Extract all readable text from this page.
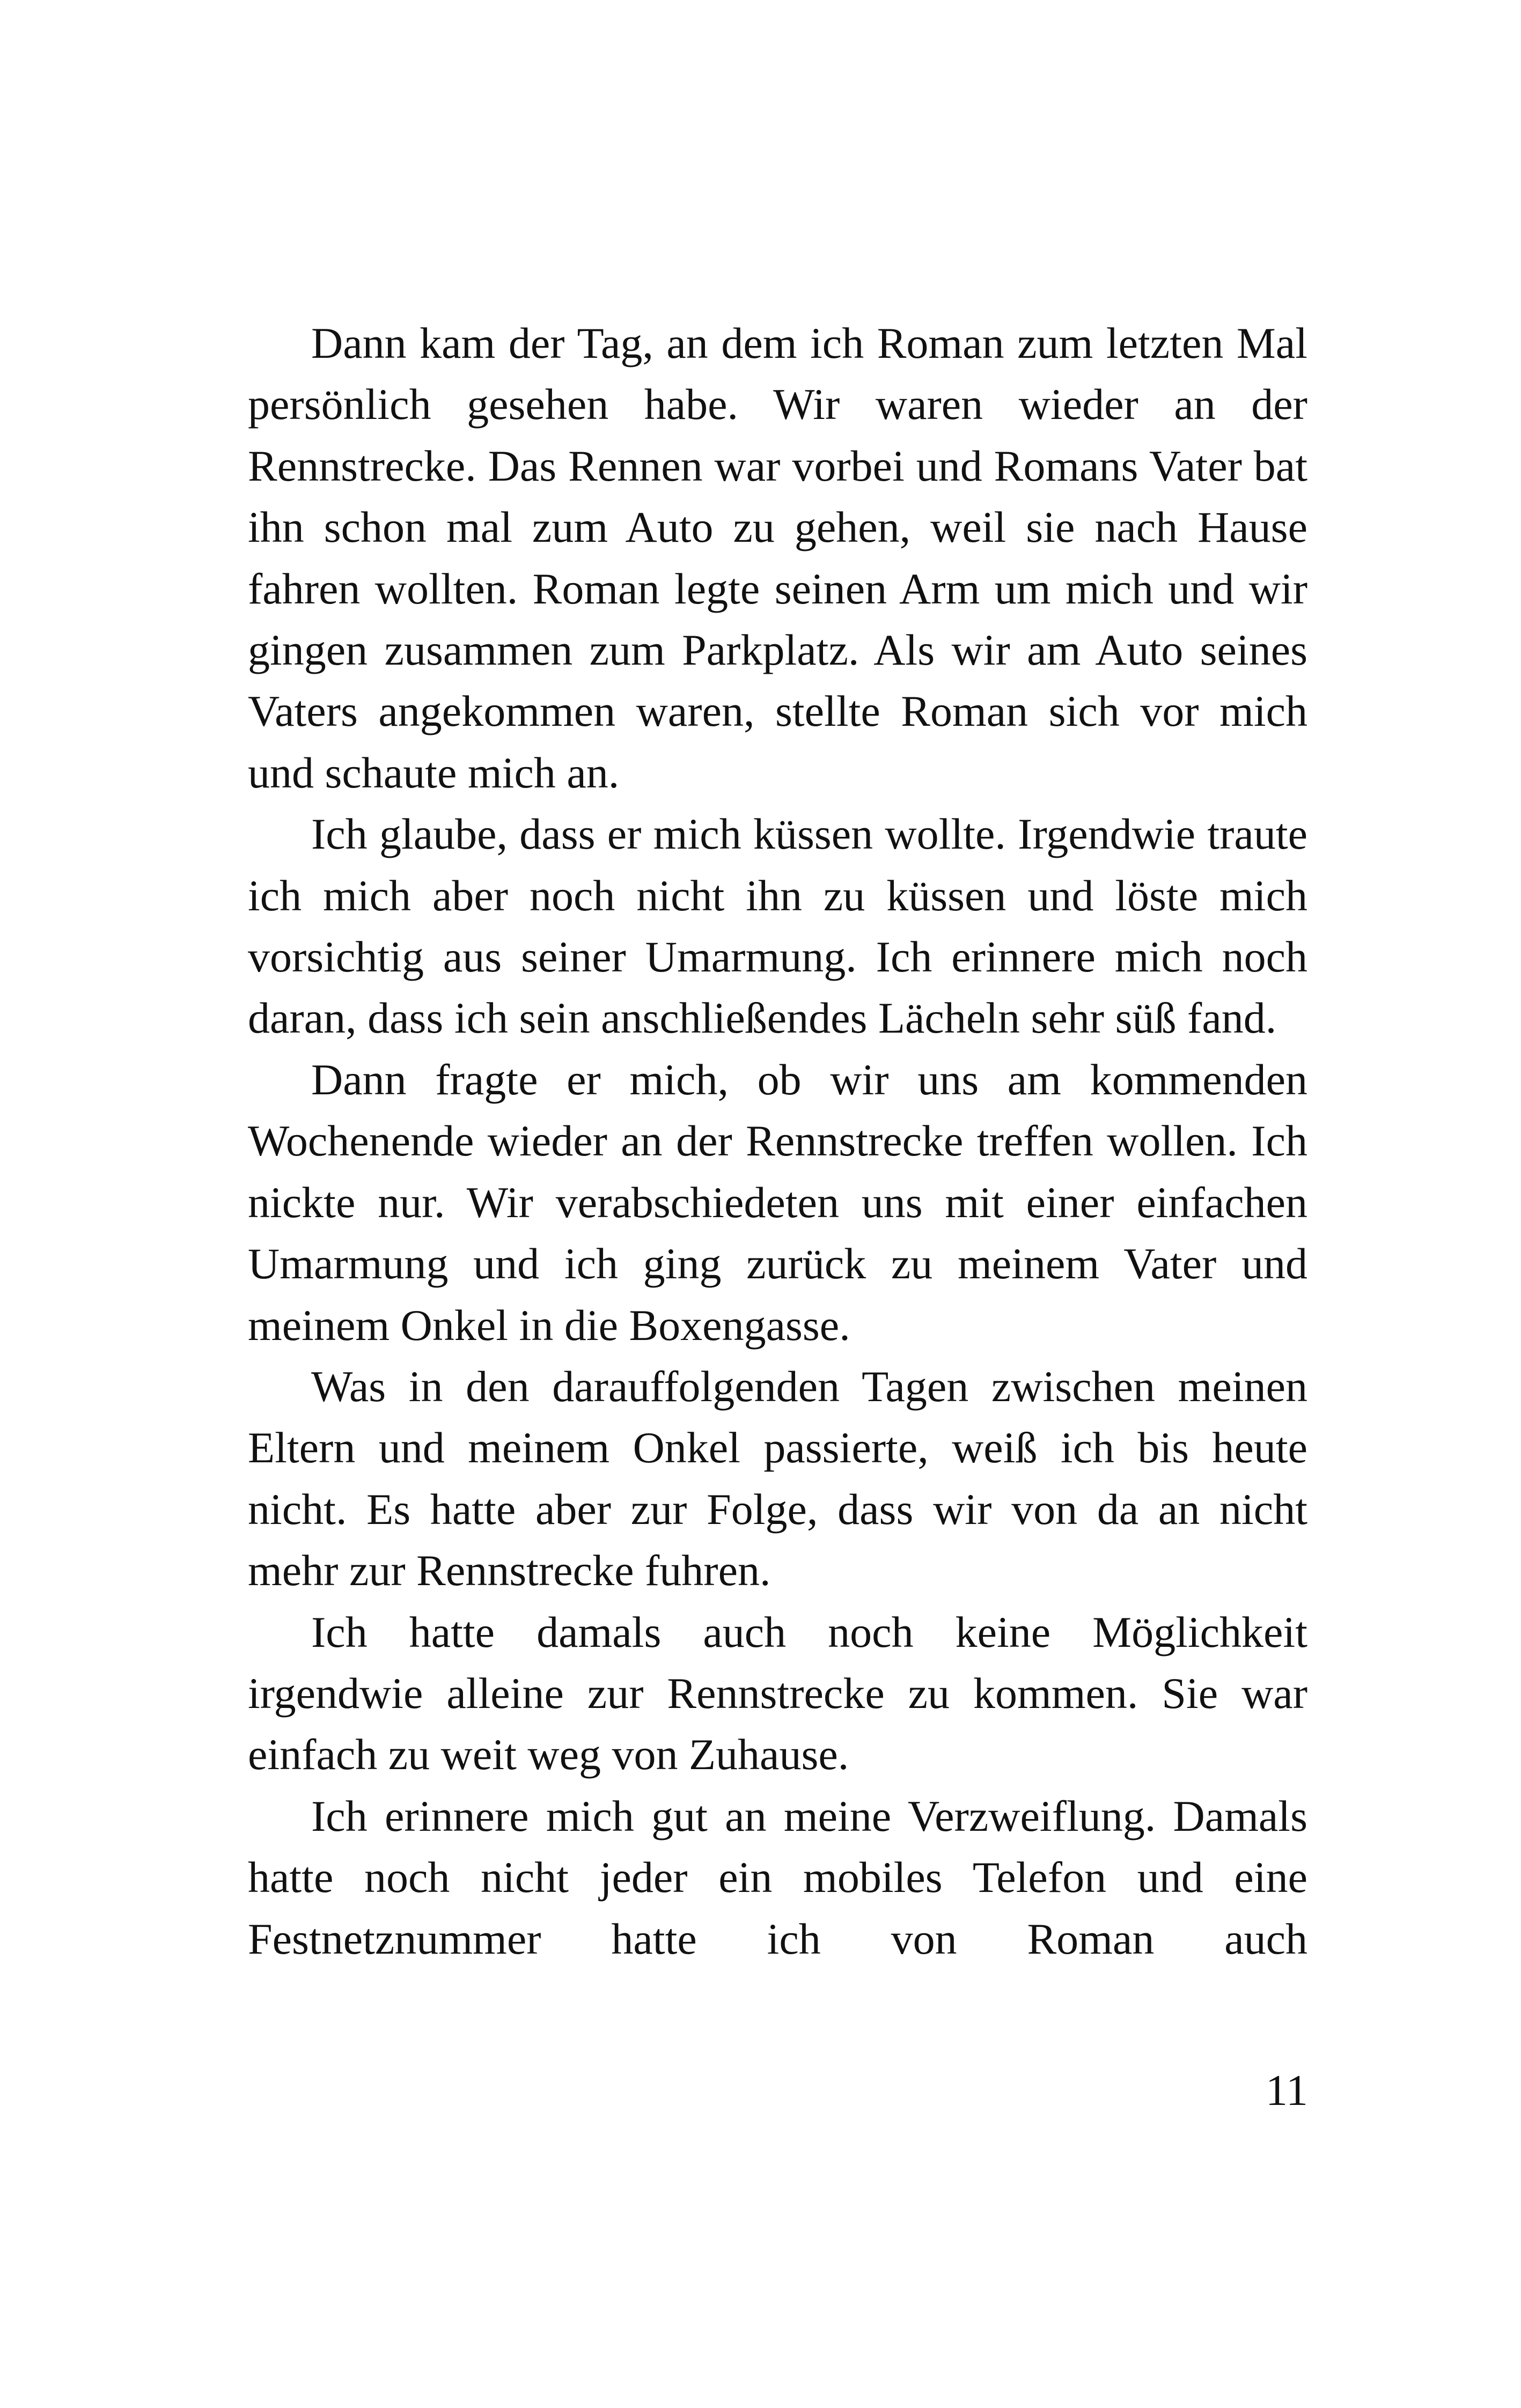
Dann kam der Tag, an dem ich Roman zum letzten Mal persönlich gesehen habe. Wir waren wieder an der Rennstrecke. Das Rennen war vorbei und Romans Vater bat ihn schon mal zum Auto zu gehen, weil sie nach Hause fahren wollten. Roman legte seinen Arm um mich und wir gingen zusammen zum Parkplatz. Als wir am Auto seines Vaters angekommen waren, stellte Roman sich vor mich und schaute mich an.

Ich glaube, dass er mich küssen wollte. Irgendwie traute ich mich aber noch nicht ihn zu küssen und löste mich vorsichtig aus seiner Umarmung. Ich erinnere mich noch daran, dass ich sein anschließendes Lächeln sehr süß fand.

Dann fragte er mich, ob wir uns am kommenden Wochenende wieder an der Rennstrecke treffen wollen. Ich nickte nur. Wir verabschiedeten uns mit einer einfachen Umarmung und ich ging zurück zu meinem Vater und meinem Onkel in die Boxengasse.

Was in den darauffolgenden Tagen zwischen meinen Eltern und meinem Onkel passierte, weiß ich bis heute nicht. Es hatte aber zur Folge, dass wir von da an nicht mehr zur Rennstrecke fuhren.

Ich hatte damals auch noch keine Möglichkeit irgendwie alleine zur Rennstrecke zu kommen. Sie war einfach zu weit weg von Zuhause.

Ich erinnere mich gut an meine Verzweiflung. Damals hatte noch nicht jeder ein mobiles Telefon und eine Festnetznummer hatte ich von Roman auch

11
